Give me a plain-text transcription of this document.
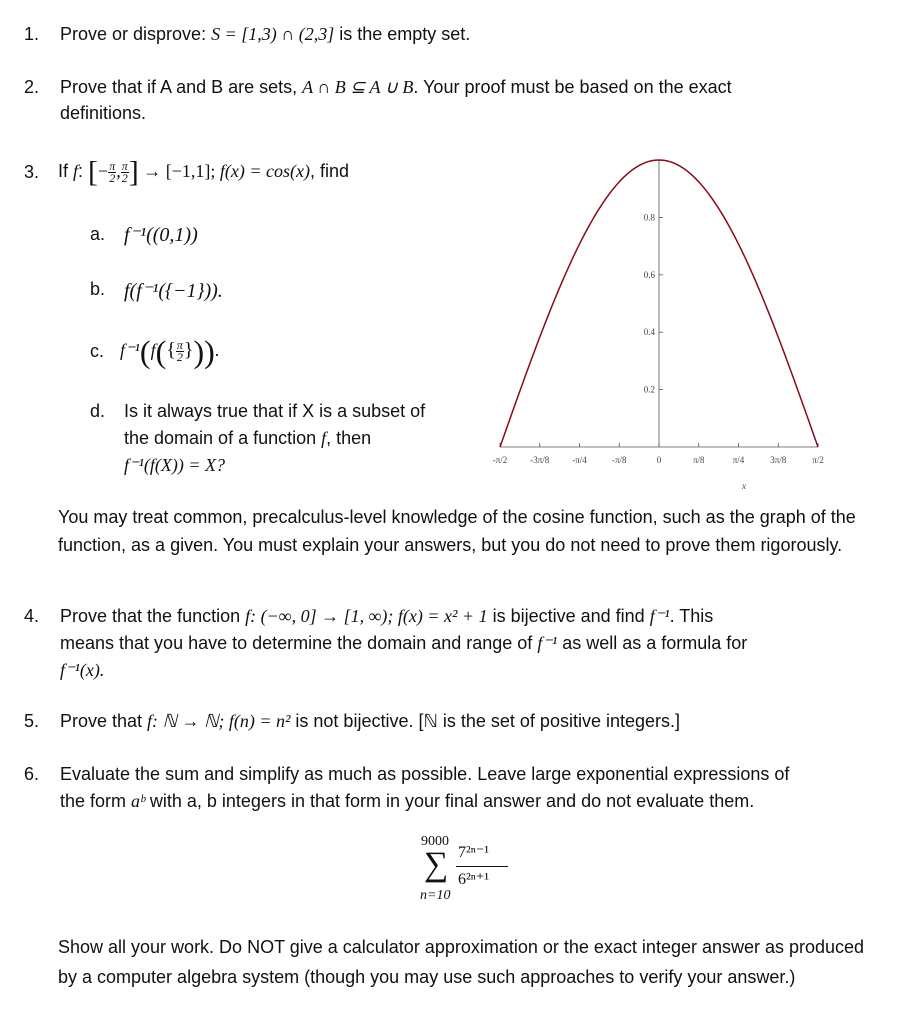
1. Prove or disprove: S = [1,3) ∩ (2,3] is the empty set.
2. Prove that if A and B are sets, A ∩ B ⊆ A ∪ B. Your proof must be based on the exact
definitions.
3. If f: [− $\frac{\pi}{2}$ , $\frac{\pi}{2}$ ] → [−1,1]; f(x) = cos(x), find
a. f⁻¹((0,1))
b. f(f⁻¹({−1})).
c. $f^{-1}(f(\{ \frac{\pi}{2}$ })).
d. Is it always true that if X is a subset of
the domain of a function f, then
f⁻¹(f(X)) = X?
0.2
0.4
0.6
0.8
-π/2	-3π/8	-π/4	-π/8	0	π/8	π/4	3π/8	π/2
x
You may treat common, precalculus-level knowledge of the cosine function, such as the graph of the function, as a given. You must explain your answers, but you do not need to prove them rigorously.
4. Prove that the function f: (−∞, 0] → [1, ∞); f(x) = x² + 1 is bijective and find f⁻¹. This
means that you have to determine the domain and range of f⁻¹ as well as a formula for
f⁻¹(x).
5. Prove that f: ℕ → ℕ; f(n) = n² is not bijective. [ℕ is the set of positive integers.]
6. Evaluate the sum and simplify as much as possible. Leave large exponential expressions of
the form aᵇ with a, b integers in that form in your final answer and do not evaluate them.
9000
∑
n=10
7²ⁿ⁻¹
6²ⁿ⁺¹
Show all your work. Do NOT give a calculator approximation or the exact integer answer as produced by a computer algebra system (though you may use such approaches to verify your answer.)
